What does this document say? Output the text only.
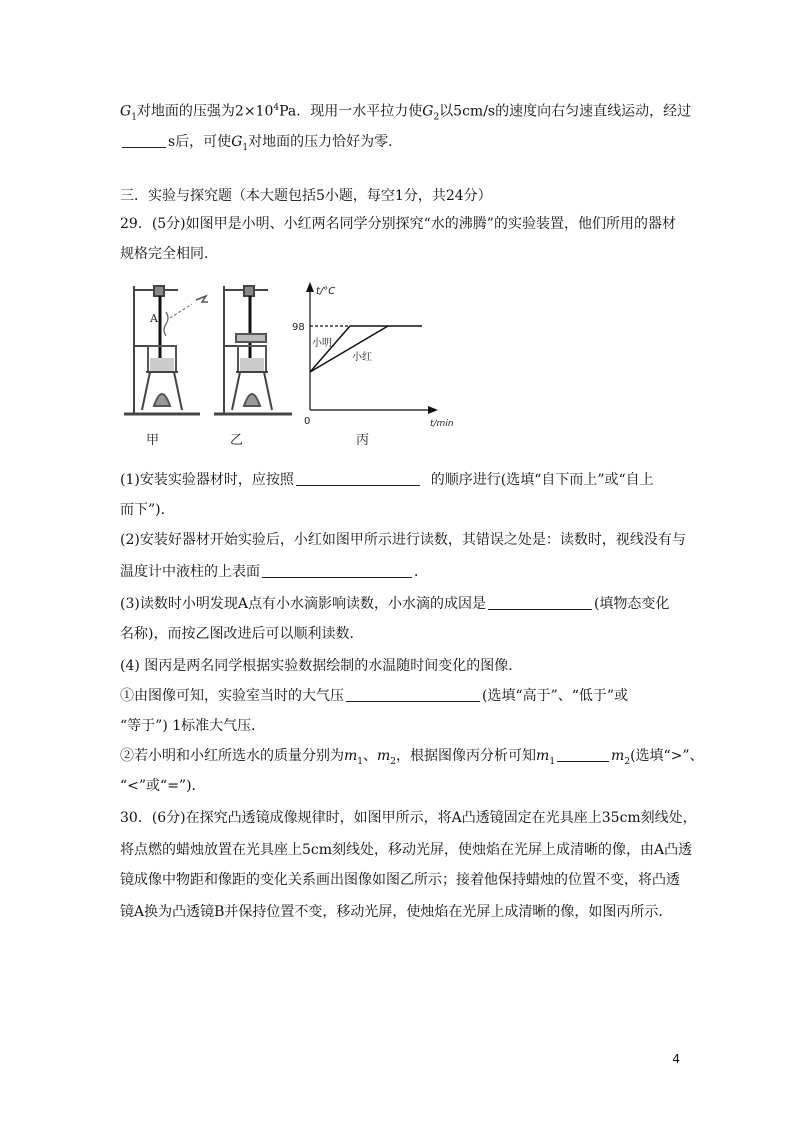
$G_1$对地面的压强为$2\times 10^4Pa$．现用一水平拉力使$G_2$以5cm/s的速度向右匀速直线运动，经过
s后，可使$G_1$对地面的压力恰好为零．
三．实验与探究题（本大题包括5小题，每空1分，共24分）
29．(5分)如图甲是小明、小红两名同学分别探究“水的沸腾”的实验装置，他们所用的器材
规格完全相同．
A
t/°C
t/min
0
98
小明
小红
甲	乙	丙
(1)安装实验器材时，应按照	的顺序进行(选填“自下而上”或“自上
而下”)．
(2)安装好器材开始实验后，小红如图甲所示进行读数，其错误之处是：读数时，视线没有与
温度计中液柱的上表面	．
(3)读数时小明发现A点有小水滴影响读数，小水滴的成因是	(填物态变化
名称)，而按乙图改进后可以顺利读数．
(4) 图丙是两名同学根据实验数据绘制的水温随时间变化的图像．
①由图像可知，实验室当时的大气压	(选填“高于”、“低于”或
“等于”) 1标准大气压．
②若小明和小红所选水的质量分别为$m_1$、$m_2$，根据图像丙分析可知$m_1$	$m_2$(选填“>”、
“<”或“=”)．
30．(6分)在探究凸透镜成像规律时，如图甲所示，将A凸透镜固定在光具座上35cm刻线处，
将点燃的蜡烛放置在光具座上5cm刻线处，移动光屏，使烛焰在光屏上成清晰的像，由A凸透
镜成像中物距和像距的变化关系画出图像如图乙所示；接着他保持蜡烛的位置不变，将凸透
镜A换为凸透镜B并保持位置不变，移动光屏，使烛焰在光屏上成清晰的像，如图丙所示．
4
